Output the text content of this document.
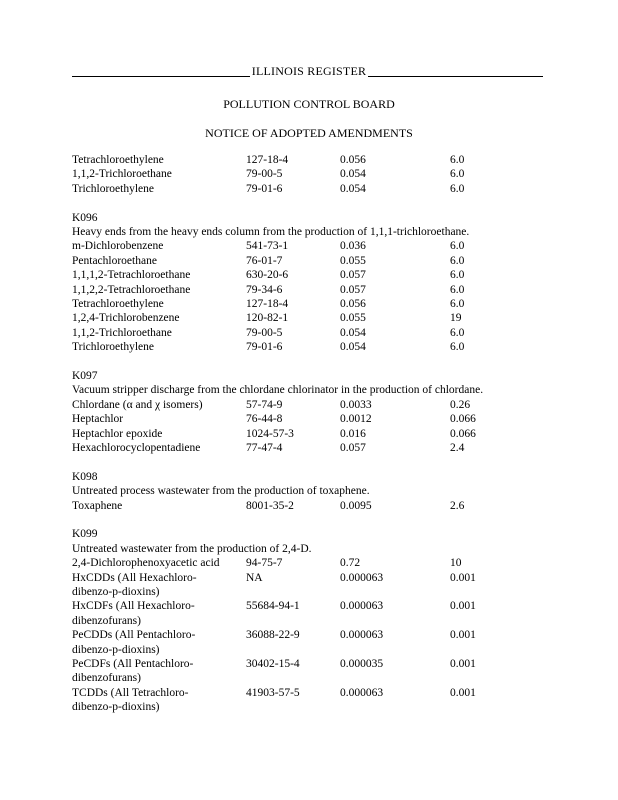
ILLINOIS REGISTER
POLLUTION CONTROL BOARD
NOTICE OF ADOPTED AMENDMENTS
Tetrachloroethylene	127-18-4	0.056	6.0
1,1,2-Trichloroethane	79-00-5	0.054	6.0
Trichloroethylene	79-01-6	0.054	6.0
K096
Heavy ends from the heavy ends column from the production of 1,1,1-trichloroethane.
m-Dichlorobenzene	541-73-1	0.036	6.0
Pentachloroethane	76-01-7	0.055	6.0
1,1,1,2-Tetrachloroethane	630-20-6	0.057	6.0
1,1,2,2-Tetrachloroethane	79-34-6	0.057	6.0
Tetrachloroethylene	127-18-4	0.056	6.0
1,2,4-Trichlorobenzene	120-82-1	0.055	19
1,1,2-Trichloroethane	79-00-5	0.054	6.0
Trichloroethylene	79-01-6	0.054	6.0
K097
Vacuum stripper discharge from the chlordane chlorinator in the production of chlordane.
Chlordane (α and χ isomers)	57-74-9	0.0033	0.26
Heptachlor	76-44-8	0.0012	0.066
Heptachlor epoxide	1024-57-3	0.016	0.066
Hexachlorocyclopentadiene	77-47-4	0.057	2.4
K098
Untreated process wastewater from the production of toxaphene.
Toxaphene	8001-35-2	0.0095	2.6
K099
Untreated wastewater from the production of 2,4-D.
2,4-Dichlorophenoxyacetic acid 94-75-7	0.72	10
HxCDDs (All Hexachloro-	NA	0.000063	0.001
dibenzo-p-dioxins)
HxCDFs (All Hexachloro-	55684-94-1	0.000063	0.001
dibenzofurans)
PeCDDs (All Pentachloro-	36088-22-9	0.000063	0.001
dibenzo-p-dioxins)
PeCDFs (All Pentachloro-	30402-15-4	0.000035	0.001
dibenzofurans)
TCDDs (All Tetrachloro-	41903-57-5	0.000063	0.001
dibenzo-p-dioxins)
